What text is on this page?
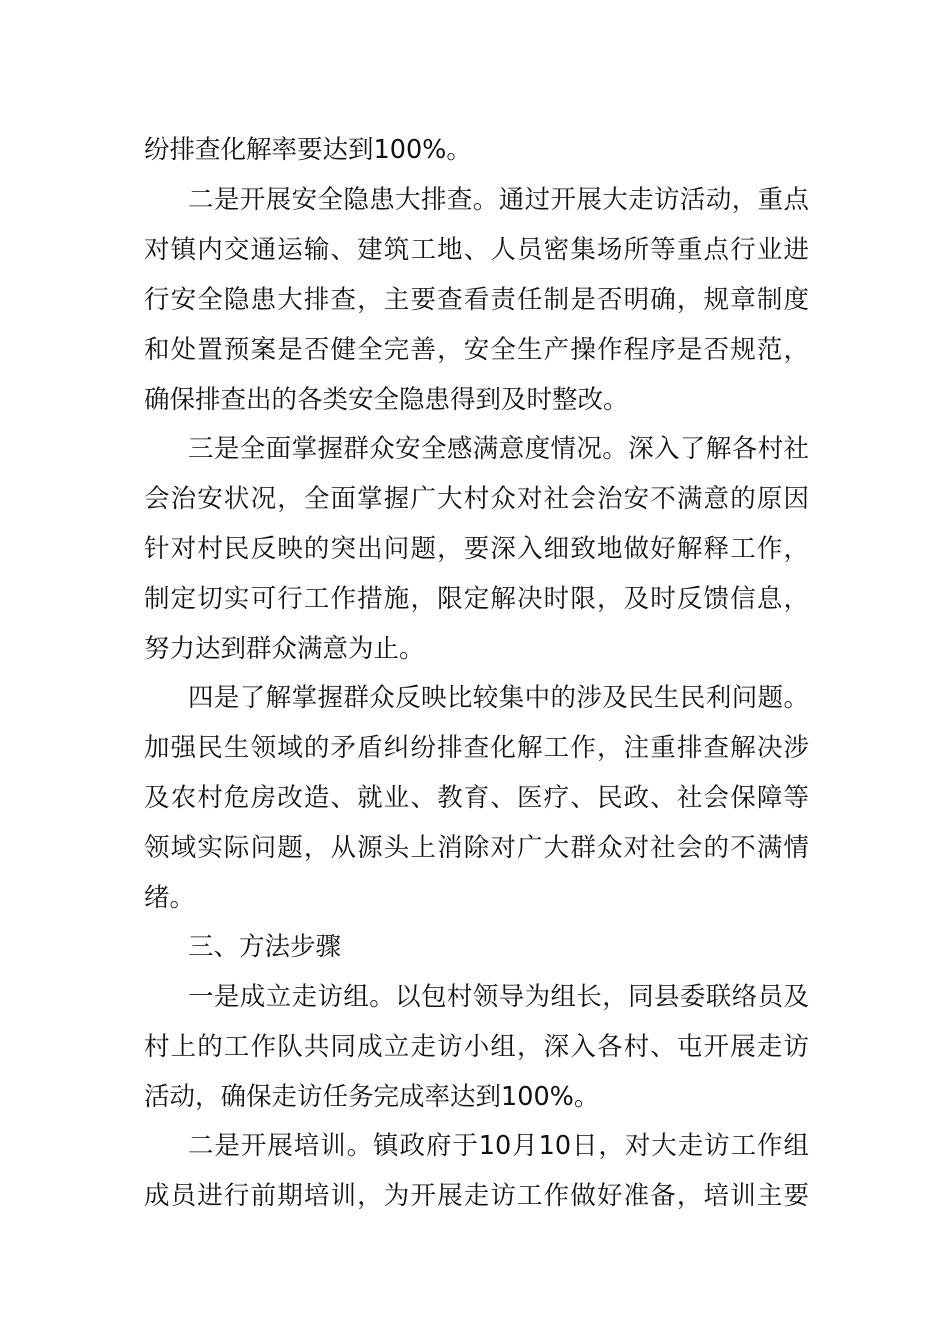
纷排查化解率要达到100%。
二是开展安全隐患大排查。通过开展大走访活动，重点
对镇内交通运输、建筑工地、人员密集场所等重点行业进
行安全隐患大排查，主要查看责任制是否明确，规章制度
和处置预案是否健全完善，安全生产操作程序是否规范，
确保排查出的各类安全隐患得到及时整改。
三是全面掌握群众安全感满意度情况。深入了解各村社
会治安状况，全面掌握广大村众对社会治安不满意的原因
针对村民反映的突出问题，要深入细致地做好解释工作，
制定切实可行工作措施，限定解决时限，及时反馈信息，
努力达到群众满意为止。
四是了解掌握群众反映比较集中的涉及民生民利问题。
加强民生领域的矛盾纠纷排查化解工作，注重排查解决涉
及农村危房改造、就业、教育、医疗、民政、社会保障等
领域实际问题，从源头上消除对广大群众对社会的不满情
绪。
三、方法步骤
一是成立走访组。以包村领导为组长，同县委联络员及
村上的工作队共同成立走访小组，深入各村、屯开展走访
活动，确保走访任务完成率达到100%。
二是开展培训。镇政府于10月10日，对大走访工作组
成员进行前期培训，为开展走访工作做好准备，培训主要
